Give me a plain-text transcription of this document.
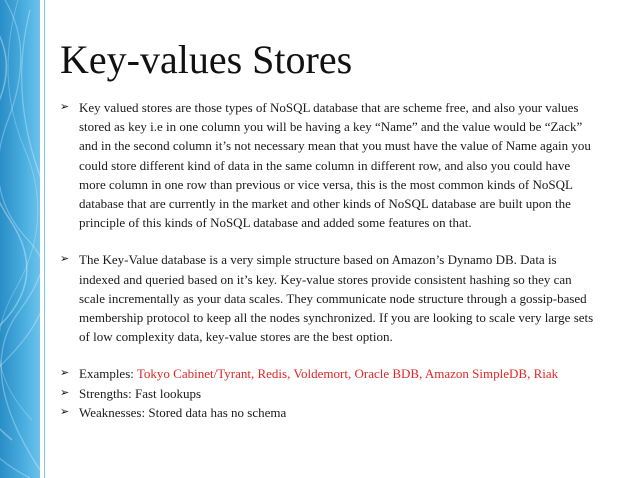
Key-values Stores

➢ Key valued stores are those types of NoSQL database that are scheme free, and also your values stored as key i.e in one column you will be having a key “Name” and the value would be “Zack” and in the second column it’s not necessary mean that you must have the value of Name again you could store different kind of data in the same column in different row, and also you could have more column in one row than previous or vice versa, this is the most common kinds of NoSQL database that are currently in the market and other kinds of NoSQL database are built upon the principle of this kinds of NoSQL database and added some features on that.

➢ The Key-Value database is a very simple structure based on Amazon’s Dynamo DB. Data is indexed and queried based on it’s key. Key-value stores provide consistent hashing so they can scale incrementally as your data scales. They communicate node structure through a gossip-based membership protocol to keep all the nodes synchronized. If you are looking to scale very large sets of low complexity data, key-value stores are the best option.

➢ Examples: Tokyo Cabinet/Tyrant, Redis, Voldemort, Oracle BDB, Amazon SimpleDB, Riak

➢ Strengths: Fast lookups

➢ Weaknesses: Stored data has no schema
